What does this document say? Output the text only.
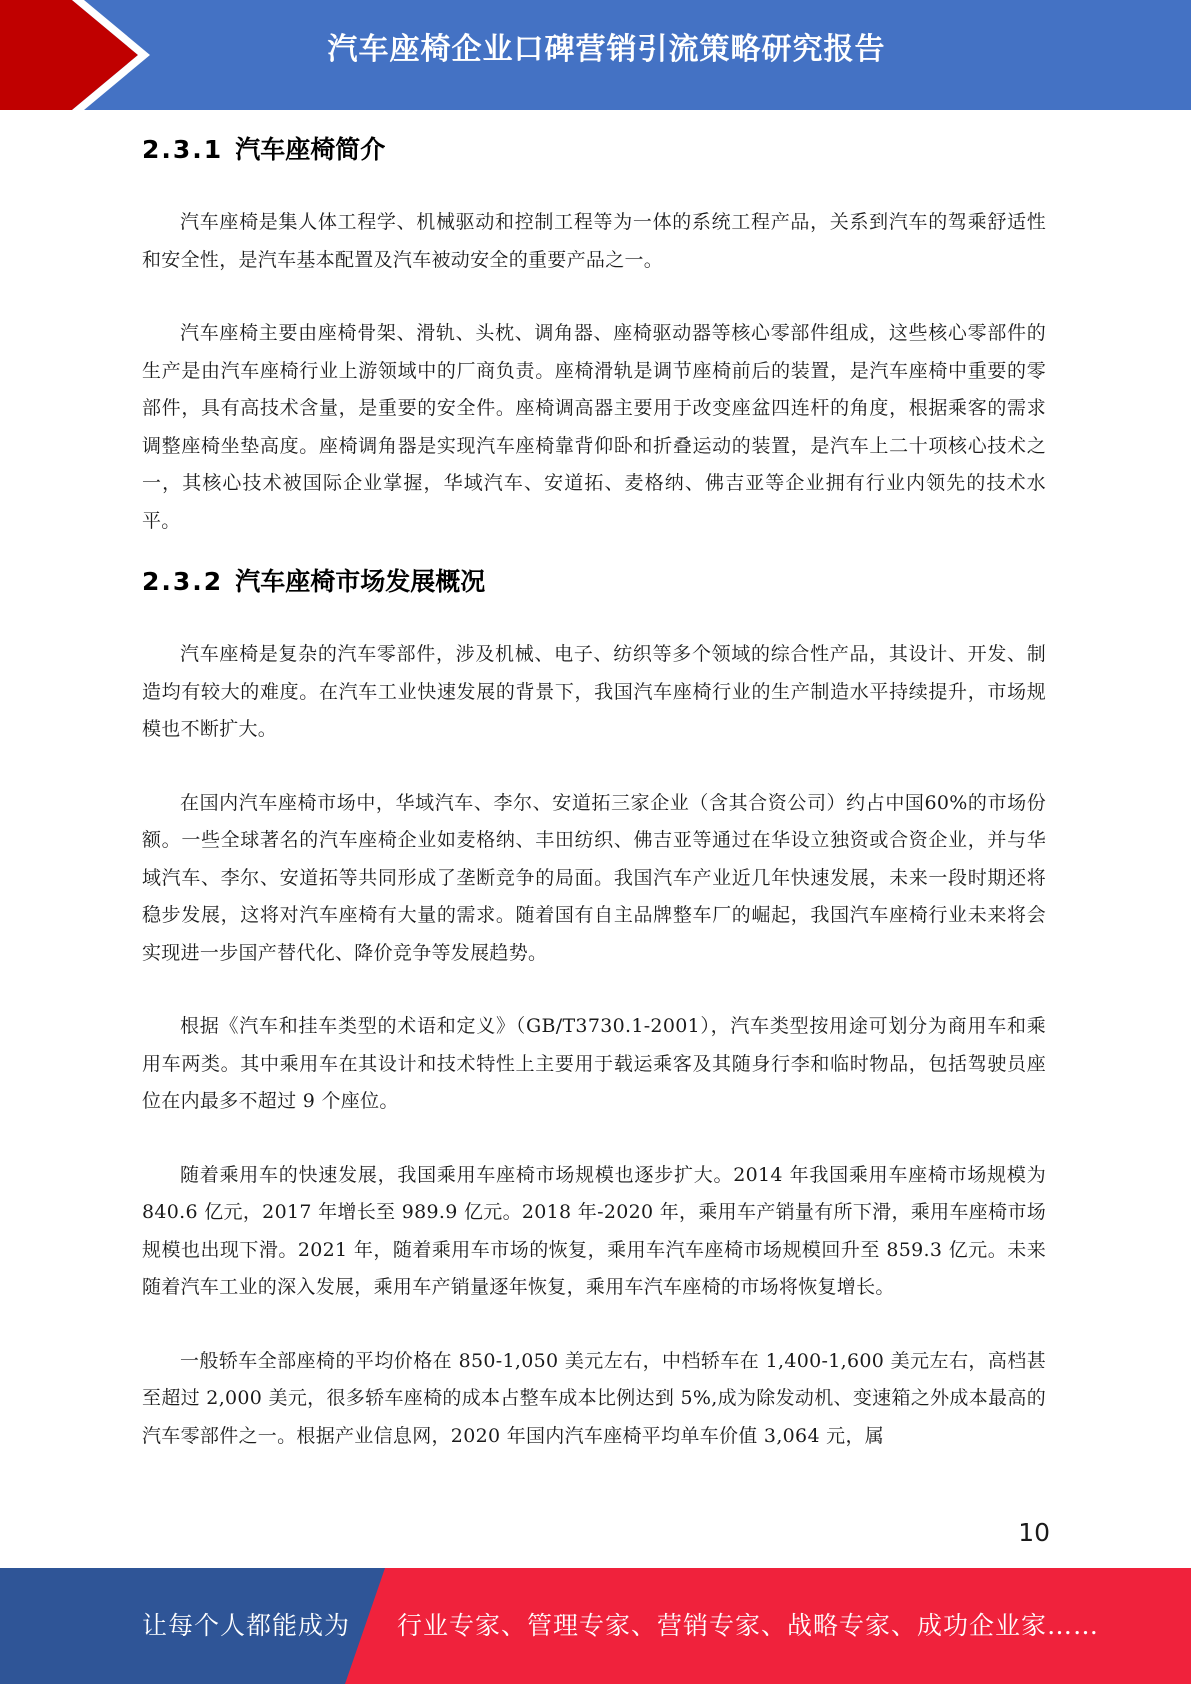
汽车座椅企业口碑营销引流策略研究报告
2.3.1 汽车座椅简介

汽车座椅是集人体工程学、机械驱动和控制工程等为一体的系统工程产品，关系到汽车的驾乘舒适性和安全性，是汽车基本配置及汽车被动安全的重要产品之一。

汽车座椅主要由座椅骨架、滑轨、头枕、调角器、座椅驱动器等核心零部件组成，这些核心零部件的生产是由汽车座椅行业上游领域中的厂商负责。座椅滑轨是调节座椅前后的装置，是汽车座椅中重要的零部件，具有高技术含量，是重要的安全件。座椅调高器主要用于改变座盆四连杆的角度，根据乘客的需求调整座椅坐垫高度。座椅调角器是实现汽车座椅靠背仰卧和折叠运动的装置，是汽车上二十项核心技术之一，其核心技术被国际企业掌握，华域汽车、安道拓、麦格纳、佛吉亚等企业拥有行业内领先的技术水平。

2.3.2 汽车座椅市场发展概况

汽车座椅是复杂的汽车零部件，涉及机械、电子、纺织等多个领域的综合性产品，其设计、开发、制造均有较大的难度。在汽车工业快速发展的背景下，我国汽车座椅行业的生产制造水平持续提升，市场规模也不断扩大。

在国内汽车座椅市场中，华域汽车、李尔、安道拓三家企业（含其合资公司）约占中国60%的市场份额。一些全球著名的汽车座椅企业如麦格纳、丰田纺织、佛吉亚等通过在华设立独资或合资企业，并与华域汽车、李尔、安道拓等共同形成了垄断竞争的局面。我国汽车产业近几年快速发展，未来一段时期还将稳步发展，这将对汽车座椅有大量的需求。随着国有自主品牌整车厂的崛起，我国汽车座椅行业未来将会实现进一步国产替代化、降价竞争等发展趋势。

根据《汽车和挂车类型的术语和定义》（GB/T3730.1-2001），汽车类型按用途可划分为商用车和乘用车两类。其中乘用车在其设计和技术特性上主要用于载运乘客及其随身行李和临时物品，包括驾驶员座位在内最多不超过 9 个座位。

随着乘用车的快速发展，我国乘用车座椅市场规模也逐步扩大。2014 年我国乘用车座椅市场规模为 840.6 亿元，2017 年增长至 989.9 亿元。2018 年-2020 年，乘用车产销量有所下滑，乘用车座椅市场规模也出现下滑。2021 年，随着乘用车市场的恢复，乘用车汽车座椅市场规模回升至 859.3 亿元。未来随着汽车工业的深入发展，乘用车产销量逐年恢复，乘用车汽车座椅的市场将恢复增长。

一般轿车全部座椅的平均价格在 850-1,050 美元左右，中档轿车在 1,400-1,600 美元左右，高档甚至超过 2,000 美元，很多轿车座椅的成本占整车成本比例达到 5%,成为除发动机、变速箱之外成本最高的汽车零部件之一。根据产业信息网，2020 年国内汽车座椅平均单车价值 3,064 元，属

10
让每个人都能成为 行业专家、管理专家、营销专家、战略专家、成功企业家……
